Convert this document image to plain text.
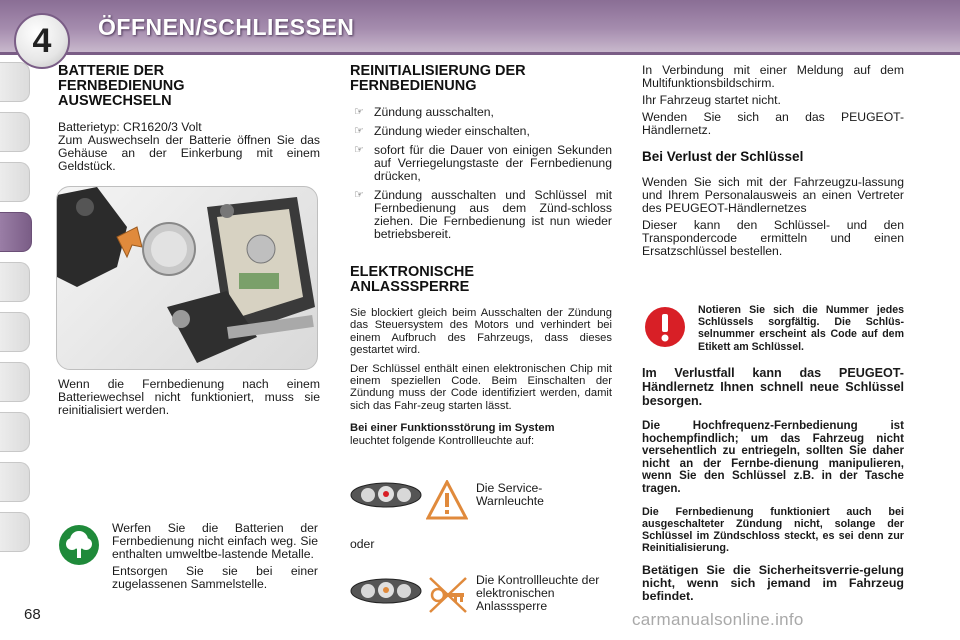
4	ÖFFNEN/SCHLIESSEN
BATTERIE DER FERNBEDIENUNG AUSWECHSELN

Batterietyp: CR1620/3 Volt

Zum Auswechseln der Batterie öffnen Sie das Gehäuse an der Einkerbung mit einem Geldstück.

Wenn die Fernbedienung nach einem Batteriewechsel nicht funktioniert, muss sie reinitialisiert werden.

Werfen Sie die Batterien der Fernbedienung nicht einfach weg. Sie enthalten umweltbe-lastende Metalle.

Entsorgen Sie sie bei einer zugelassenen Sammelstelle.

REINITIALISIERUNG DER FERNBEDIENUNG
☞ Zündung ausschalten,
☞ Zündung wieder einschalten,
☞ sofort für die Dauer von einigen Sekunden auf Verriegelungstaste der Fernbedienung drücken,
☞ Zündung ausschalten und Schlüssel mit Fernbedienung aus dem Zünd-schloss ziehen. Die Fernbedienung ist nun wieder betriebsbereit.
ELEKTRONISCHE ANLASSSPERRE

Sie blockiert gleich beim Ausschalten der Zündung das Steuersystem des Motors und verhindert bei einem Aufbruch des Fahrzeugs, dass dieses gestartet wird.

Der Schlüssel enthält einen elektronischen Chip mit einem speziellen Code. Beim Einschalten der Zündung muss der Code identifiziert werden, damit sich das Fahr-zeug starten lässt.

Bei einer Funktionsstörung im System

leuchtet folgende Kontrollleuchte auf:

Die Service-Warnleuchte

oder

Die Kontrollleuchte der elektronischen Anlasssperre

In Verbindung mit einer Meldung auf dem Multifunktionsbildschirm.

Ihr Fahrzeug startet nicht.

Wenden Sie sich an das PEUGEOT-Händlernetz.

Bei Verlust der Schlüssel

Wenden Sie sich mit der Fahrzeugzu-lassung und Ihrem Personalausweis an einen Vertreter des PEUGEOT-Händlernetzes

Dieser kann den Schlüssel- und den Transpondercode ermitteln und einen Ersatzschlüssel bestellen.

Notieren Sie sich die Nummer jedes Schlüssels sorgfältig. Die Schlüs-selnummer erscheint als Code auf dem Etikett am Schlüssel.

Im Verlustfall kann das PEUGEOT-Händlernetz Ihnen schnell neue Schlüssel besorgen.

Die Hochfrequenz-Fernbedienung ist hochempfindlich; um das Fahrzeug nicht versehentlich zu entriegeln, sollten Sie daher nicht an der Fernbe-dienung manipulieren, wenn Sie den Schlüssel z.B. in der Tasche tragen.

Die Fernbedienung funktioniert auch bei ausgeschalteter Zündung nicht, solange der Schlüssel im Zündschloss steckt, es sei denn zur Reinitialisierung.

Betätigen Sie die Sicherheitsverrie-gelung nicht, wenn sich jemand im Fahrzeug befindet.

68	carmanualsonline.info
